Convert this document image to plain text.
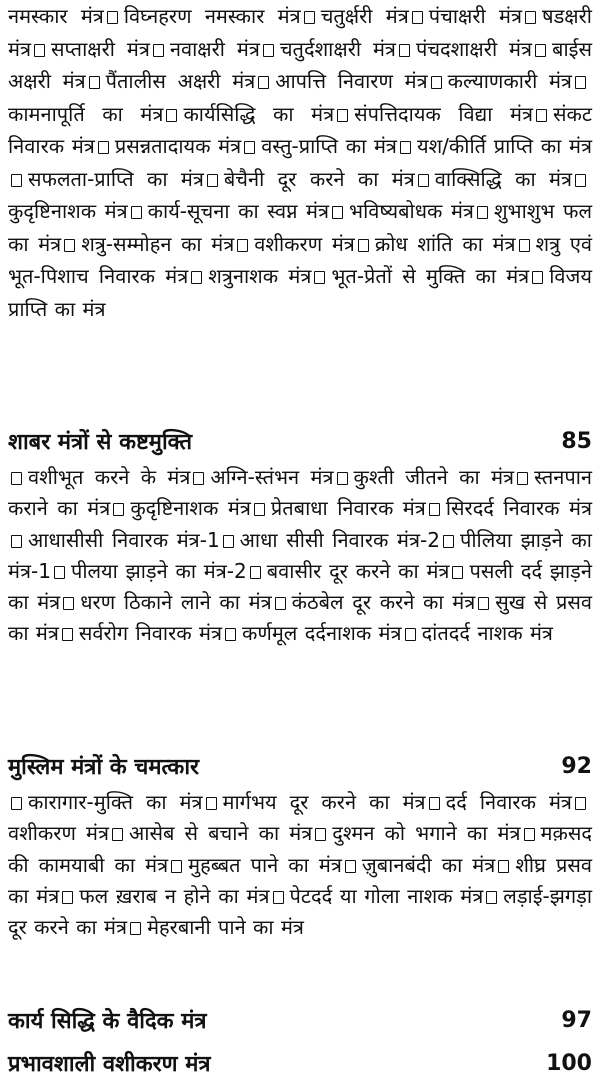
नमस्कार मंत्र विघ्नहरण नमस्कार मंत्र चतुर्क्षरी मंत्र पंचाक्षरी मंत्र षडक्षरी मंत्र सप्ताक्षरी मंत्र नवाक्षरी मंत्र चतुर्दशाक्षरी मंत्र पंचदशाक्षरी मंत्र बाईस अक्षरी मंत्र पैंतालीस अक्षरी मंत्र आपत्ति निवारण मंत्र कल्याणकारी मंत्रकामनापूर्ति का मंत्र कार्यसिद्धि का मंत्र संपत्तिदायक विद्या मंत्र संकट निवारक मंत्र प्रसन्नतादायक मंत्र वस्तु-प्राप्ति का मंत्र यश/कीर्ति प्राप्ति का मंत्रसफलता-प्राप्ति का मंत्र बेचैनी दूर करने का मंत्र वाक्सिद्धि का मंत्रकुदृष्टिनाशक मंत्र कार्य-सूचना का स्वप्न मंत्र भविष्यबोधक मंत्र शुभाशुभ फल का मंत्र शत्रु-सम्मोहन का मंत्र वशीकरण मंत्र क्रोध शांति का मंत्र शत्रु एवं भूत-पिशाच निवारक मंत्र शत्रुनाशक मंत्र भूत-प्रेतों से मुक्ति का मंत्र विजय प्राप्ति का मंत्र
शाबर मंत्रों से कष्टमुक्ति	85
वशीभूत करने के मंत्र अग्नि-स्तंभन मंत्र कुश्ती जीतने का मंत्र स्तनपान कराने का मंत्र कुदृष्टिनाशक मंत्र प्रेतबाधा निवारक मंत्र सिरदर्द निवारक मंत्रआधासीसी निवारक मंत्र-1 आधा सीसी निवारक मंत्र-2 पीलिया झाड़ने का मंत्र-1 पीलया झाड़ने का मंत्र-2 बवासीर दूर करने का मंत्र पसली दर्द झाड़ने का मंत्र धरण ठिकाने लाने का मंत्र कंठबेल दूर करने का मंत्र सुख से प्रसव का मंत्र सर्वरोग निवारक मंत्र कर्णमूल दर्दनाशक मंत्र दांतदर्द नाशक मंत्र
मुस्लिम मंत्रों के चमत्कार	92
कारागार-मुक्ति का मंत्र मार्गभय दूर करने का मंत्र दर्द निवारक मंत्रवशीकरण मंत्र आसेब से बचाने का मंत्र दुश्मन को भगाने का मंत्र मक़सद की कामयाबी का मंत्र मुहब्बत पाने का मंत्र ज़ुबानबंदी का मंत्र शीघ्र प्रसव का मंत्र फल ख़राब न होने का मंत्र पेटदर्द या गोला नाशक मंत्र लड़ाई-झगड़ा दूर करने का मंत्र मेहरबानी पाने का मंत्र
कार्य सिद्धि के वैदिक मंत्र	97
प्रभावशाली वशीकरण मंत्र	100
